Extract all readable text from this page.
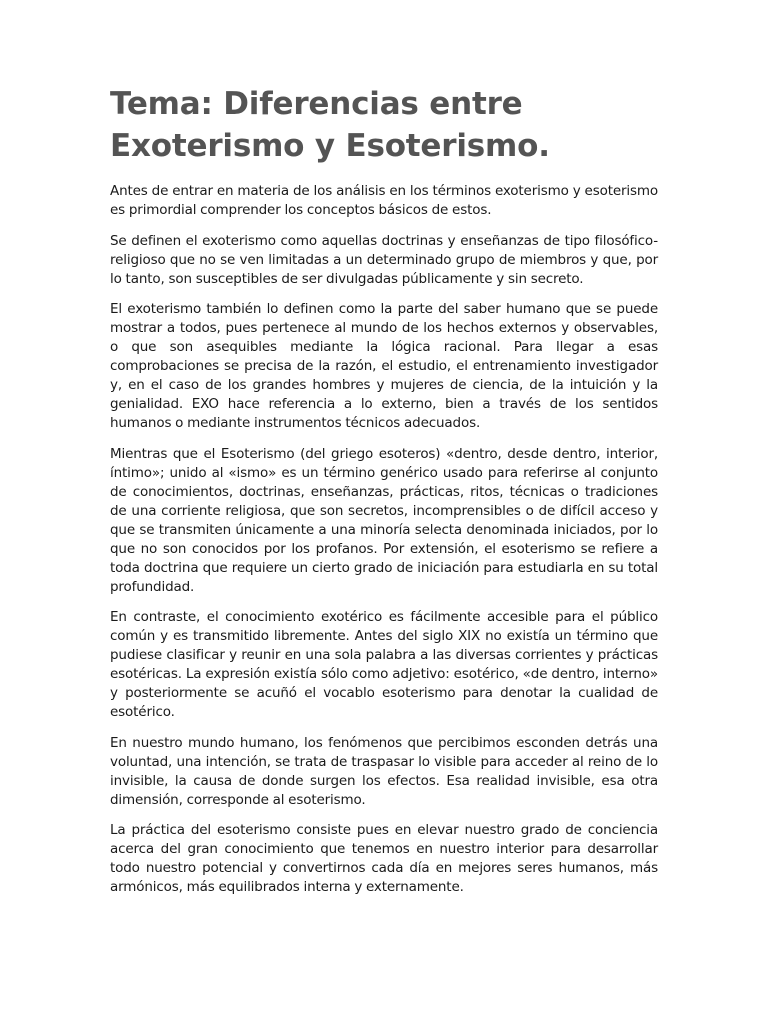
Tema: Diferencias entre
Exoterismo y Esoterismo.

Antes de entrar en materia de los análisis en los términos exoterismo y esoterismo es primordial comprender los conceptos básicos de estos.

Se definen el exoterismo como aquellas doctrinas y enseñanzas de tipo filosófico-religioso que no se ven limitadas a un determinado grupo de miembros y que, por lo tanto, son susceptibles de ser divulgadas públicamente y sin secreto.

El exoterismo también lo definen como la parte del saber humano que se puede mostrar a todos, pues pertenece al mundo de los hechos externos y observables, o que son asequibles mediante la lógica racional. Para llegar a esas comprobaciones se precisa de la razón, el estudio, el entrenamiento investigador y, en el caso de los grandes hombres y mujeres de ciencia, de la intuición y la genialidad. EXO hace referencia a lo externo, bien a través de los sentidos humanos o mediante instrumentos técnicos adecuados.

Mientras que el Esoterismo (del griego esoteros) «dentro, desde dentro, interior, íntimo»; unido al «ismo» es un término genérico usado para referirse al conjunto de conocimientos, doctrinas, enseñanzas, prácticas, ritos, técnicas o tradiciones de una corriente religiosa, que son secretos, incomprensibles o de difícil acceso y que se transmiten únicamente a una minoría selecta denominada iniciados, por lo que no son conocidos por los profanos. Por extensión, el esoterismo se refiere a toda doctrina que requiere un cierto grado de iniciación para estudiarla en su total profundidad.

En contraste, el conocimiento exotérico es fácilmente accesible para el público común y es transmitido libremente. Antes del siglo XIX no existía un término que pudiese clasificar y reunir en una sola palabra a las diversas corrientes y prácticas esotéricas. La expresión existía sólo como adjetivo: esotérico, «de dentro, interno» y posteriormente se acuñó el vocablo esoterismo para denotar la cualidad de esotérico.

En nuestro mundo humano, los fenómenos que percibimos esconden detrás una voluntad, una intención, se trata de traspasar lo visible para acceder al reino de lo invisible, la causa de donde surgen los efectos. Esa realidad invisible, esa otra dimensión, corresponde al esoterismo.

La práctica del esoterismo consiste pues en elevar nuestro grado de conciencia acerca del gran conocimiento que tenemos en nuestro interior para desarrollar todo nuestro potencial y convertirnos cada día en mejores seres humanos, más armónicos, más equilibrados interna y externamente.
